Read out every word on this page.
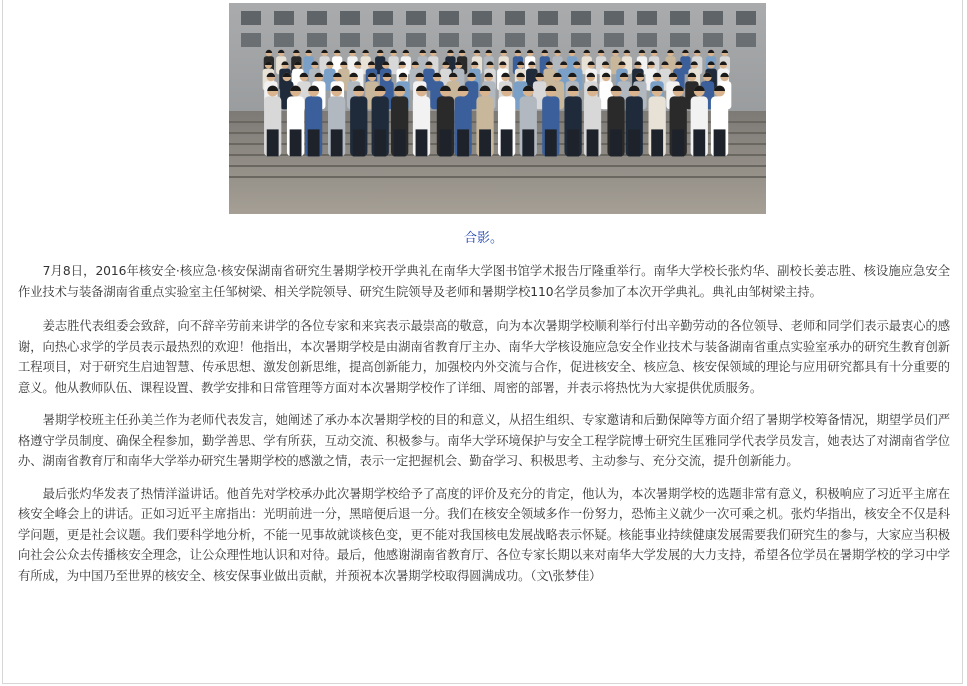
合影。

7月8日，2016年核安全·核应急·核安保湖南省研究生暑期学校开学典礼在南华大学图书馆学术报告厅隆重举行。南华大学校长张灼华、副校长姜志胜、核设施应急安全作业技术与装备湖南省重点实验室主任邹树梁、相关学院领导、研究生院领导及老师和暑期学校110名学员参加了本次开学典礼。典礼由邹树梁主持。

姜志胜代表组委会致辞，向不辞辛劳前来讲学的各位专家和来宾表示最崇高的敬意，向为本次暑期学校顺利举行付出辛勤劳动的各位领导、老师和同学们表示最衷心的感谢，向热心求学的学员表示最热烈的欢迎！他指出，本次暑期学校是由湖南省教育厅主办、南华大学核设施应急安全作业技术与装备湖南省重点实验室承办的研究生教育创新工程项目，对于研究生启迪智慧、传承思想、激发创新思维，提高创新能力，加强校内外交流与合作，促进核安全、核应急、核安保领域的理论与应用研究都具有十分重要的意义。他从教师队伍、课程设置、教学安排和日常管理等方面对本次暑期学校作了详细、周密的部署，并表示将热忱为大家提供优质服务。

暑期学校班主任孙美兰作为老师代表发言，她阐述了承办本次暑期学校的目的和意义，从招生组织、专家邀请和后勤保障等方面介绍了暑期学校筹备情况，期望学员们严格遵守学员制度、确保全程参加，勤学善思、学有所获，互动交流、积极参与。南华大学环境保护与安全工程学院博士研究生匡雅同学代表学员发言，她表达了对湖南省学位办、湖南省教育厅和南华大学举办研究生暑期学校的感激之情，表示一定把握机会、勤奋学习、积极思考、主动参与、充分交流，提升创新能力。

最后张灼华发表了热情洋溢讲话。他首先对学校承办此次暑期学校给予了高度的评价及充分的肯定，他认为，本次暑期学校的选题非常有意义，积极响应了习近平主席在核安全峰会上的讲话。正如习近平主席指出：光明前进一分，黑暗便后退一分。我们在核安全领域多作一份努力，恐怖主义就少一次可乘之机。张灼华指出，核安全不仅是科学问题，更是社会议题。我们要科学地分析，不能一见事故就谈核色变，更不能对我国核电发展战略表示怀疑。核能事业持续健康发展需要我们研究生的参与，大家应当积极向社会公众去传播核安全理念，让公众理性地认识和对待。最后，他感谢湖南省教育厅、各位专家长期以来对南华大学发展的大力支持，希望各位学员在暑期学校的学习中学有所成，为中国乃至世界的核安全、核安保事业做出贡献，并预祝本次暑期学校取得圆满成功。（文\张梦佳）
